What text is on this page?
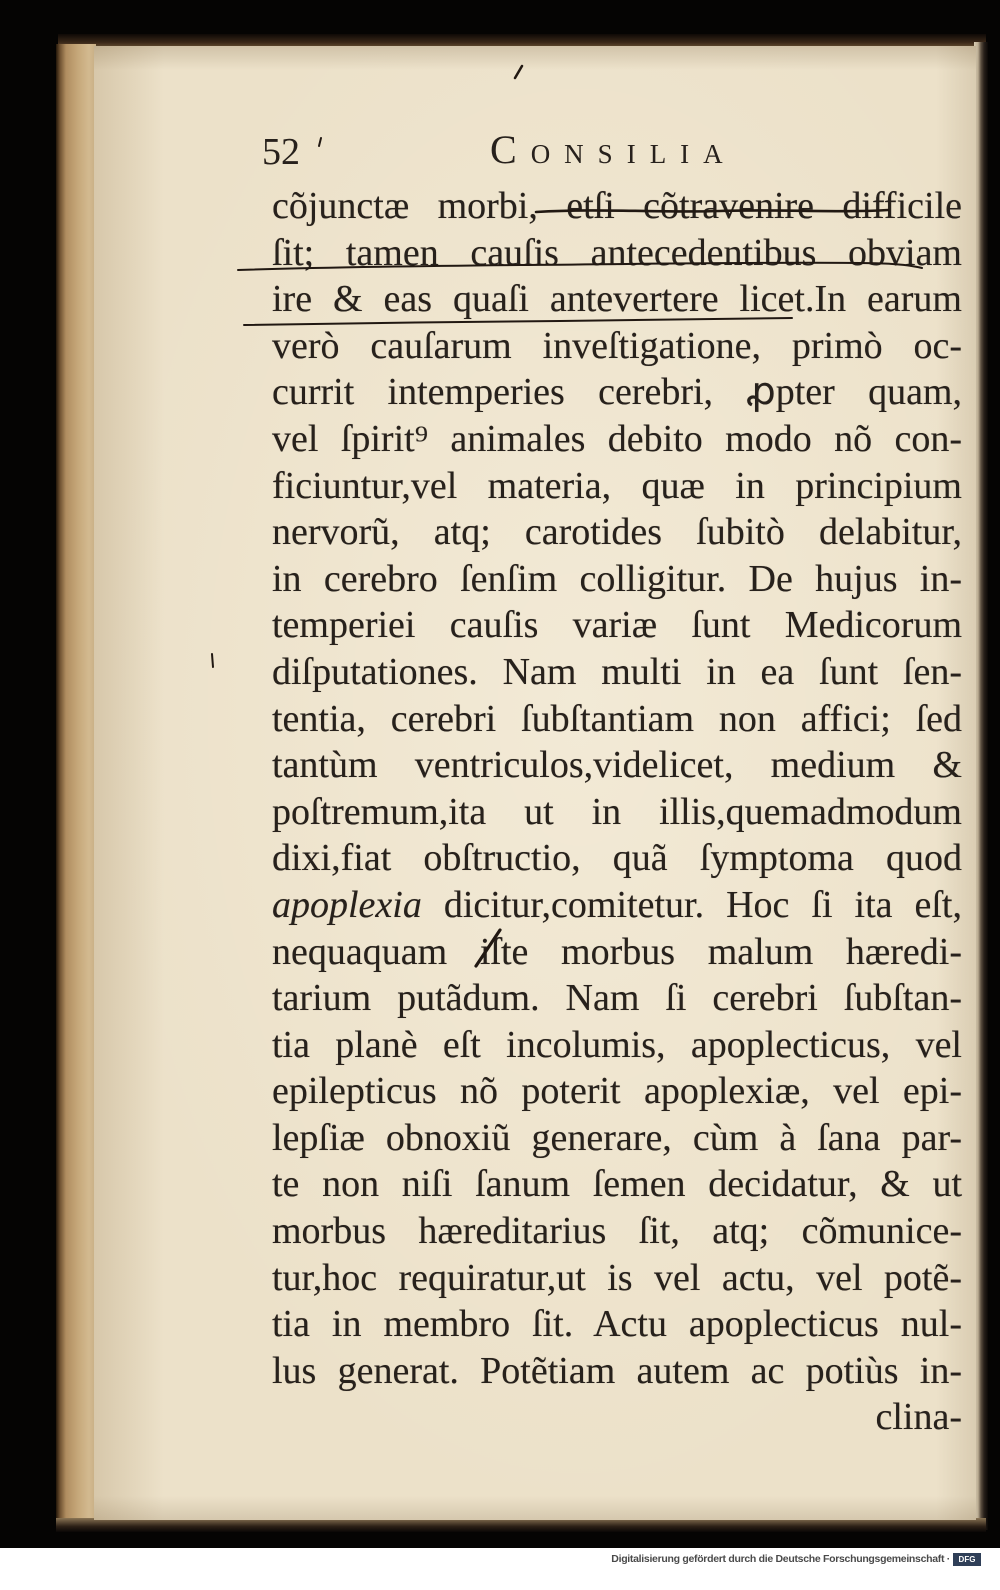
52	CONSILIA
cõjunctæ morbi, etſi cõtravenire difficile
ſit; tamen cauſis antecedentibus obviam
ire & eas quaſi antevertere licet.In earum
verò cauſarum inveſtigatione, primò oc-
currit intemperies cerebri, ꝓpter quam,
vel ſpirit⁹ animales debito modo nõ con-
ficiuntur,vel materia, quæ in principium
nervorũ, atq; carotides ſubitò delabitur,
in cerebro ſenſim colligitur. De hujus in-
temperiei cauſis variæ ſunt Medicorum
diſputationes. Nam multi in ea ſunt ſen-
tentia, cerebri ſubſtantiam non affici; ſed
tantùm ventriculos,videlicet, medium &
poſtremum,ita ut in illis,quemadmodum
dixi,fiat obſtructio, quã ſymptoma quod
apoplexia dicitur,comitetur. Hoc ſi ita eſt,
nequaquam iſte morbus malum hæredi-
tarium putãdum. Nam ſi cerebri ſubſtan-
tia planè eſt incolumis, apoplecticus, vel
epilepticus nõ poterit apoplexiæ, vel epi-
lepſiæ obnoxiũ generare, cùm à ſana par-
te non niſi ſanum ſemen decidatur, & ut
morbus hæreditarius ſit, atq; cõmunice-
tur,hoc requiratur,ut is vel actu, vel potẽ-
tia in membro ſit. Actu apoplecticus nul-
lus generat. Potẽtiam autem ac potiùs in-
clina-
Digitalisierung gefördert durch die Deutsche Forschungsgemeinschaft ·	DFG
